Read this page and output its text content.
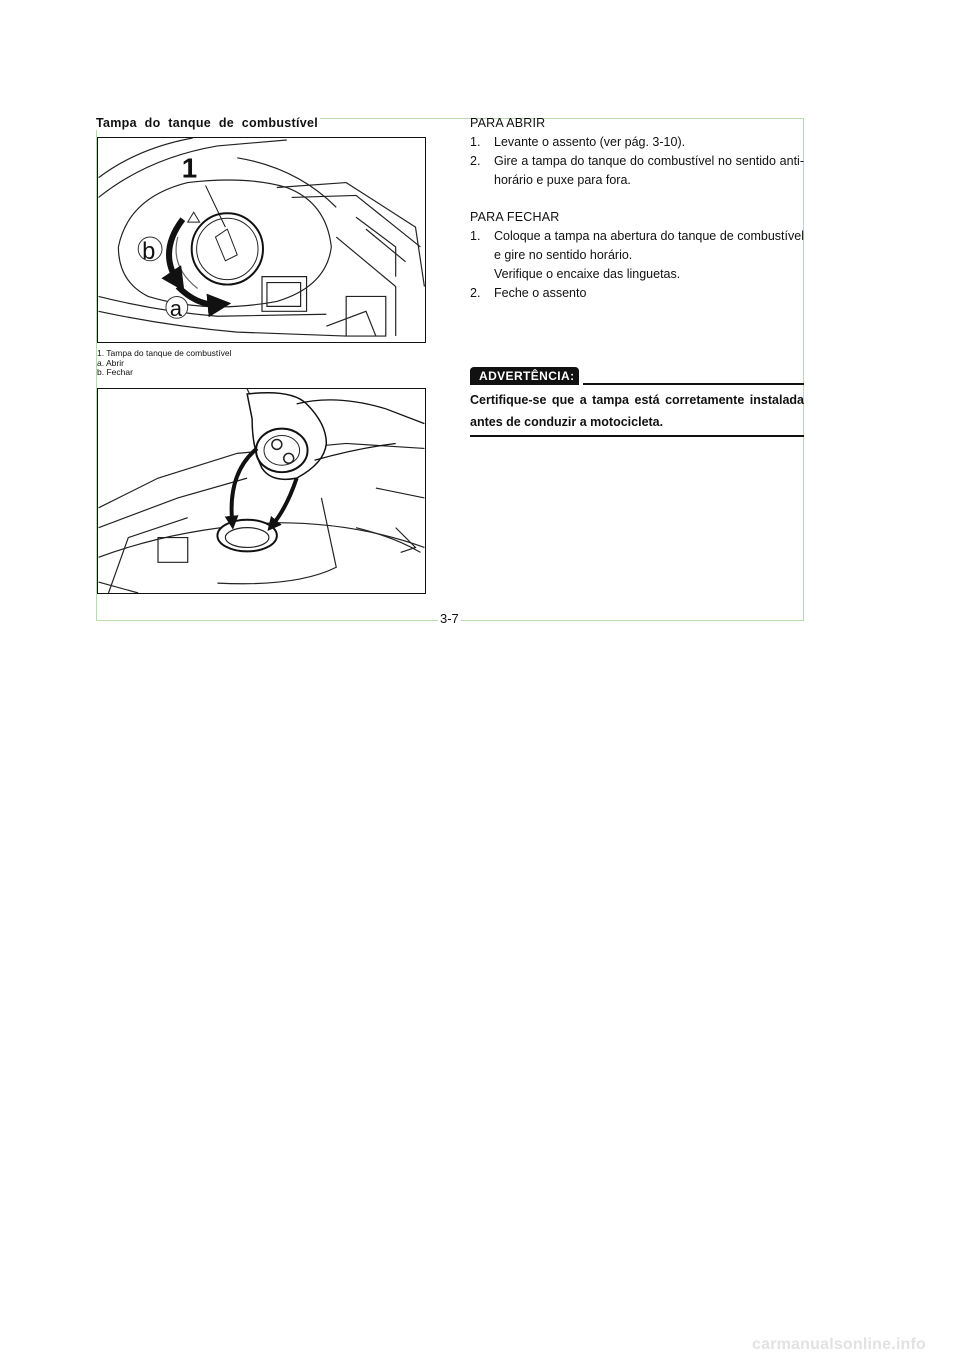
Tampa do tanque de combustível
1
b
a
1. Tampa do tanque de combustível
a. Abrir
b. Fechar
PARA ABRIR
1. Levante o assento (ver pág. 3-10).
2. Gire a tampa do tanque do combustível no sentido anti-horário e puxe para fora.
PARA FECHAR
1. Coloque a tampa na abertura do tanque de combustível e gire no sentido horário.
Verifique o encaixe das linguetas.
2. Feche o assento
ADVERTÊNCIA:
Certifique-se que a tampa está corretamente instalada antes de conduzir a motocicleta.
3-7
carmanualsonline.info
